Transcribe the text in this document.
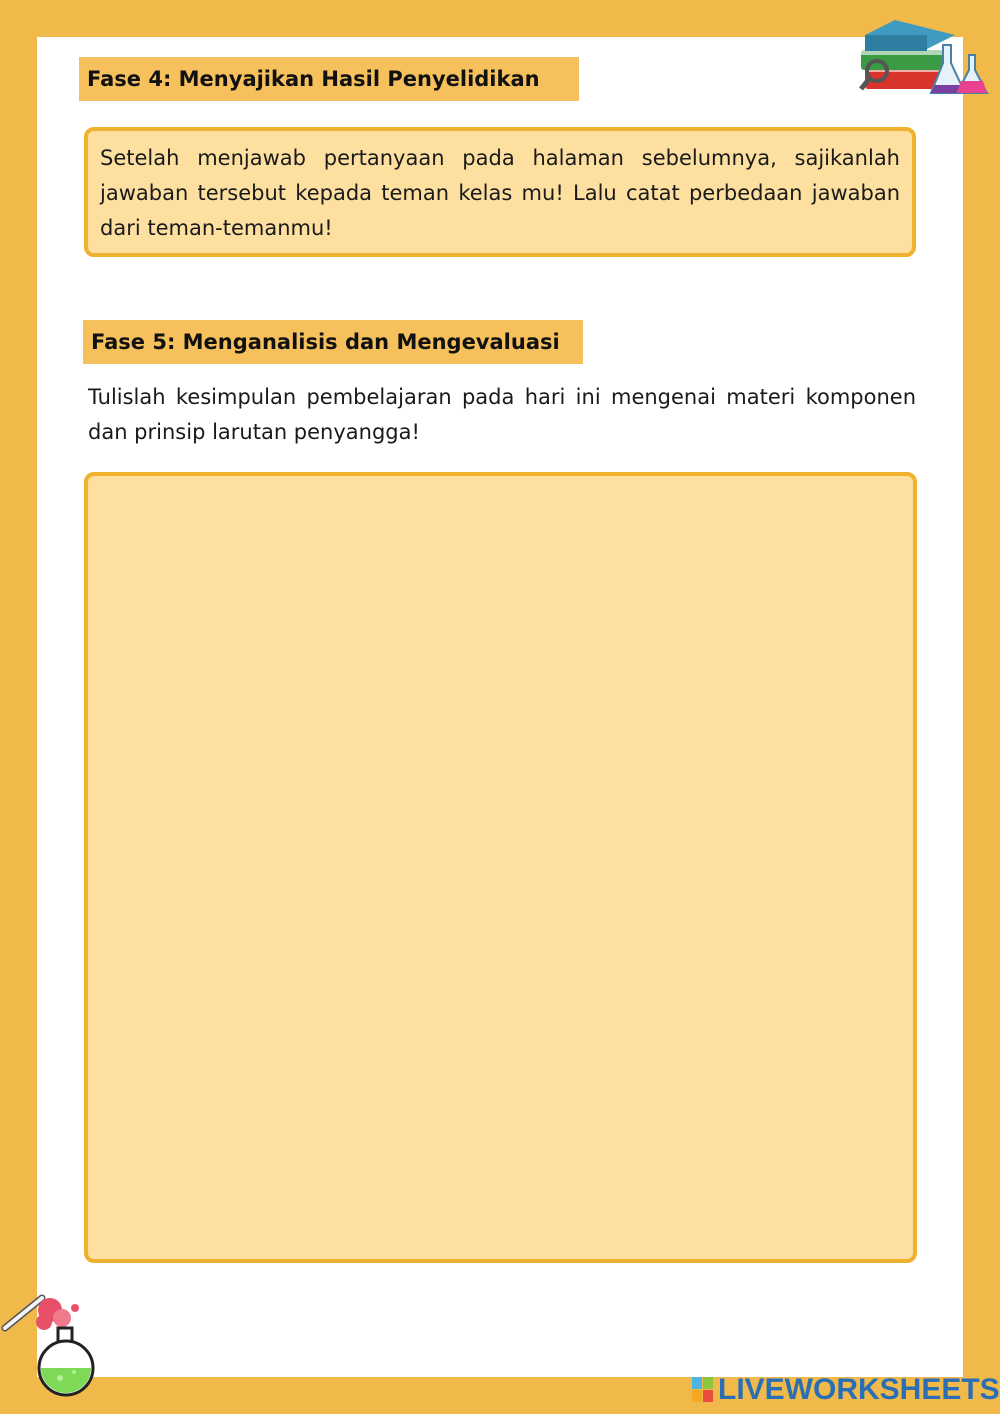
Fase 4: Menyajikan Hasil Penyelidikan

Setelah menjawab pertanyaan pada halaman sebelumnya, sajikanlah jawaban tersebut kepada teman kelas mu! Lalu catat perbedaan jawaban dari teman-temanmu!

Fase 5: Menganalisis dan Mengevaluasi

Tulislah kesimpulan pembelajaran pada hari ini mengenai materi komponen dan prinsip larutan penyangga!

LIVEWORKSHEETS
